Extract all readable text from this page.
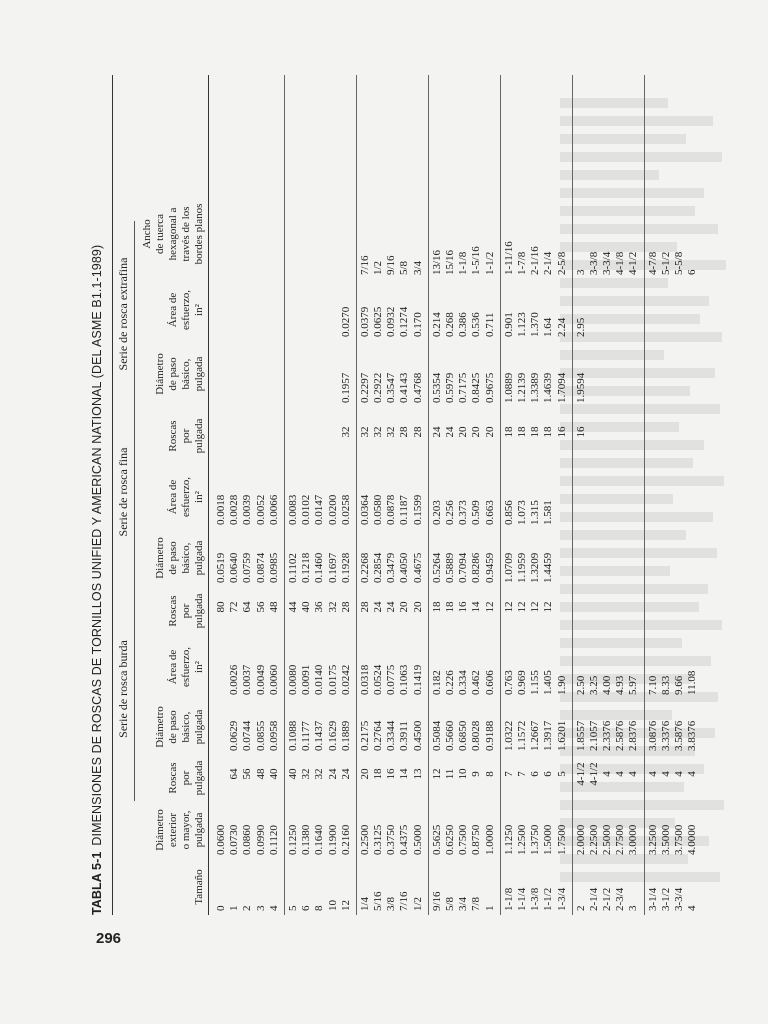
296
TABLA 5-1DIMENSIONES DE ROSCAS DE TORNILLOS UNIFIED Y AMERICAN NATIONAL (DEL ASME B1.1-1989)	Serie de rosca burda
Serie de rosca fina
Serie de rosca extrafina
Tamaño
Diámetro exterior o mayor, pulgada
Roscas por pulgada
Diámetro de paso básico, pulgada
Área de esfuerzo, in²
Roscas por pulgada
Diámetro de paso básico, pulgada
Área de esfuerzo, in²
Roscas por pulgada
Diámetro de paso básico, pulgada
Área de esfuerzo, in²
Ancho de tuerca hexagonal a través de los bordes planos
0
0.0600
80
0.0519
0.0018
1
0.0730
64
0.0629
0.0026
72
0.0640
0.0028
2
0.0860
56
0.0744
0.0037
64
0.0759
0.0039
3
0.0990
48
0.0855
0.0049
56
0.0874
0.0052
4
0.1120
40
0.0958
0.0060
48
0.0985
0.0066
5
0.1250
40
0.1088
0.0080
44
0.1102
0.0083
6
0.1380
32
0.1177
0.0091
40
0.1218
0.0102
8
0.1640
32
0.1437
0.0140
36
0.1460
0.0147
10
0.1900
24
0.1629
0.0175
32
0.1697
0.0200
12
0.2160
24
0.1889
0.0242
28
0.1928
0.0258
32
0.1957
0.0270
1/4
0.2500
20
0.2175
0.0318
28
0.2268
0.0364
32
0.2297
0.0379
7/16
5/16
0.3125
18
0.2764
0.0524
24
0.2854
0.0580
32
0.2922
0.0625
1/2
3/8
0.3750
16
0.3344
0.0775
24
0.3479
0.0878
32
0.3547
0.0932
9/16
7/16
0.4375
14
0.3911
0.1063
20
0.4050
0.1187
28
0.4143
0.1274
5/8
1/2
0.5000
13
0.4500
0.1419
20
0.4675
0.1599
28
0.4768
0.170
3/4
9/16
0.5625
12
0.5084
0.182
18
0.5264
0.203
24
0.5354
0.214
13/16
5/8
0.6250
11
0.5660
0.226
18
0.5889
0.256
24
0.5979
0.268
15/16
3/4
0.7500
10
0.6850
0.334
16
0.7094
0.373
20
0.7175
0.386
1-1/8
7/8
0.8750
9
0.8028
0.462
14
0.8286
0.509
20
0.8425
0.536
1-5/16
1
1.0000
8
0.9188
0.606
12
0.9459
0.663
20
0.9675
0.711
1-1/2
1-1/8
1.1250
7
1.0322
0.763
12
1.0709
0.856
18
1.0889
0.901
1-11/16
1-1/4
1.2500
7
1.1572
0.969
12
1.1959
1.073
18
1.2139
1.123
1-7/8
1-3/8
1.3750
6
1.2667
1.155
12
1.3209
1.315
18
1.3389
1.370
2-1/16
1-1/2
1.5000
6
1.3917
1.405
12
1.4459
1.581
18
1.4639
1.64
2-1/4
1-3/4
1.7500
5
1.6201
1.90
16
1.7094
2.24
2-5/8
2
2.0000
4-1/2
1.8557
2.50
16
1.9594
2.95
3
2-1/4
2.2500
4-1/2
2.1057
3.25
3-3/8
2-1/2
2.5000
4
2.3376
4.00
3-3/4
2-3/4
2.7500
4
2.5876
4.93
4-1/8
3
3.0000
4
2.8376
5.97
4-1/2
3-1/4
3.2500
4
3.0876
7.10
4-7/8
3-1/2
3.5000
4
3.3376
8.33
5-1/2
3-3/4
3.7500
4
3.5876
9.66
5-5/8
4
4.0000
4
3.8376
11.08
6
